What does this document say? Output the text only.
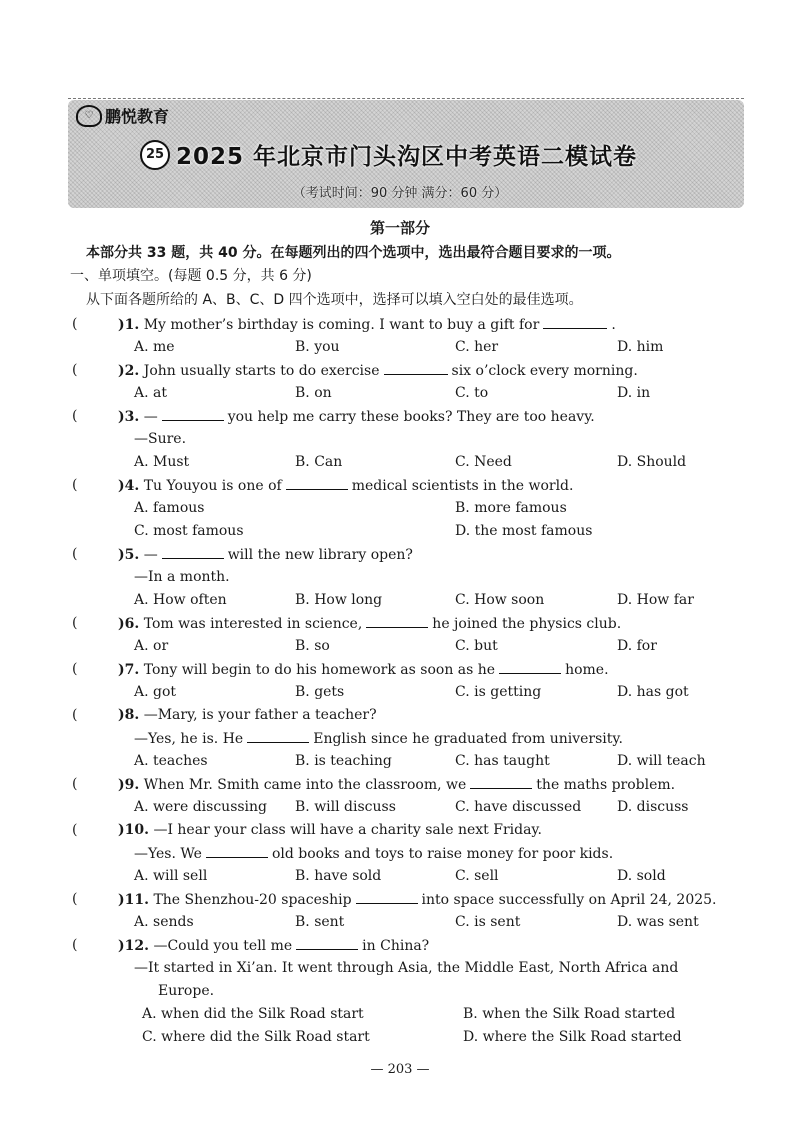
♡ 鹏悦教育
25 2025 年北京市门头沟区中考英语二模试卷
（考试时间：90 分钟 满分：60 分）
第一部分
本部分共 33 题，共 40 分。在每题列出的四个选项中，选出最符合题目要求的一项。
一、单项填空。(每题 0.5 分，共 6 分)
从下面各题所给的 A、B、C、D 四个选项中，选择可以填入空白处的最佳选项。
(	)1. My mother’s birthday is coming. I want to buy a gift for	.
A. me	B. you	C. her	D. him
(	)2. John usually starts to do exercise	six o’clock every morning.
A. at	B. on	C. to	D. in
(	)3. —	you help me carry these books? They are too heavy.
—Sure.
A. Must	B. Can	C. Need	D. Should
(	)4. Tu Youyou is one of	medical scientists in the world.
A. famous	B. more famous
C. most famous	D. the most famous
(	)5. —	will the new library open?
—In a month.
A. How often	B. How long	C. How soon	D. How far
(	)6. Tom was interested in science,	he joined the physics club.
A. or	B. so	C. but	D. for
(	)7. Tony will begin to do his homework as soon as he	home.
A. got	B. gets	C. is getting	D. has got
(	)8. —Mary, is your father a teacher?
—Yes, he is. He	English since he graduated from university.
A. teaches	B. is teaching	C. has taught	D. will teach
(	)9. When Mr. Smith came into the classroom, we	the maths problem.
A. were discussing B. will discuss	C. have discussed	D. discuss
(	)10. —I hear your class will have a charity sale next Friday.
—Yes. We	old books and toys to raise money for poor kids.
A. will sell	B. have sold	C. sell	D. sold
(	)11. The Shenzhou-20 spaceship	into space successfully on April 24, 2025.
A. sends	B. sent	C. is sent	D. was sent
(	)12. —Could you tell me	in China?
—It started in Xi’an. It went through Asia, the Middle East, North Africa and
Europe.
A. when did the Silk Road start	B. when the Silk Road started
C. where did the Silk Road start	D. where the Silk Road started
— 203 —
